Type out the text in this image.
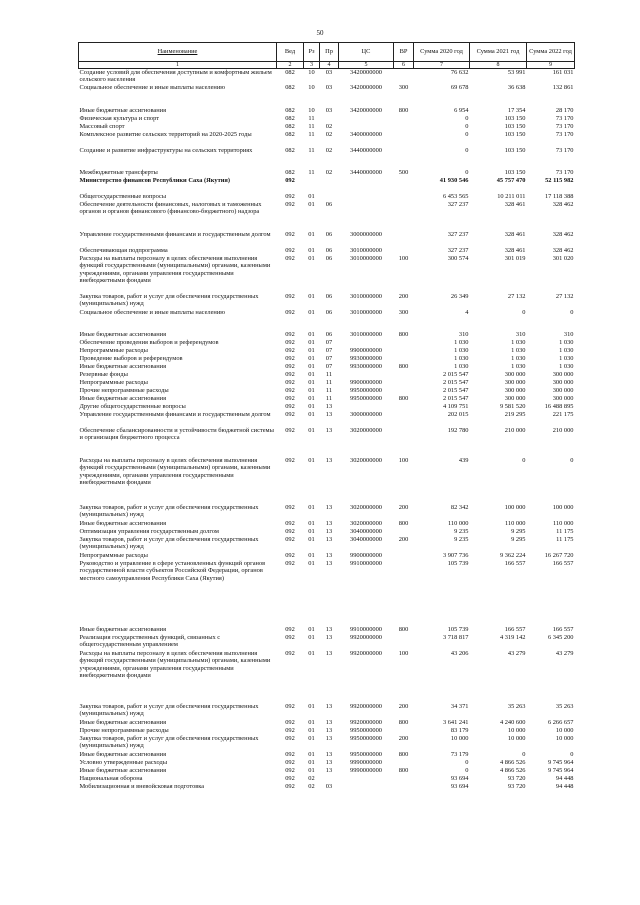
50
Наименование	Вед	Рз	Пр	ЦС	ВР	Сумма 2020 год	Сумма 2021 год	Сумма 2022 год
1	2	3	4	5	6	7	8	9
Создание условий для обеспечения доступным и комфортным жильем сельского населения	082	10	03	3420000000		76 632	53 991	161 031
Социальное обеспечение и иные выплаты населению	082	10	03	3420000000	300	69 678	36 638	132 861
Иные бюджетные ассигнования	082	10	03	3420000000	800	6 954	17 354	28 170
Физическая культура и спорт	082	11				0	103 150	73 170
Массовый спорт	082	11	02			0	103 150	73 170
Комплексное развитие сельских территорий на 2020-2025 годы	082	11	02	3400000000		0	103 150	73 170
Создание и развитие инфраструктуры на сельских территориях	082	11	02	3440000000		0	103 150	73 170
Межбюджетные трансферты	082	11	02	3440000000	500	0	103 150	73 170
Министерство финансов Республики Саха (Якутия)	092					41 930 546	45 757 470	52 115 982
Общегосударственные вопросы	092	01				6 453 565	10 211 011	17 118 388
Обеспечение деятельности финансовых, налоговых и таможенных органов и органов финансового (финансово-бюджетного) надзора	092	01	06			327 237	328 461	328 462
Управление государственными финансами и государственным долгом	092	01	06	3000000000		327 237	328 461	328 462
Обеспечивающая подпрограмма	092	01	06	3010000000		327 237	328 461	328 462
Расходы на выплаты персоналу в целях обеспечения выполнения функций государственными (муниципальными) органами, казенными учреждениями, органами управления государственными внебюджетными фондами	092	01	06	3010000000	100	300 574	301 019	301 020
Закупка товаров, работ и услуг для обеспечения государственных (муниципальных) нужд	092	01	06	3010000000	200	26 349	27 132	27 132
Социальное обеспечение и иные выплаты населению	092	01	06	3010000000	300	4	0	0
Иные бюджетные ассигнования	092	01	06	3010000000	800	310	310	310
Обеспечение проведения выборов и референдумов	092	01	07			1 030	1 030	1 030
Непрограммные расходы	092	01	07	9900000000		1 030	1 030	1 030
Проведение выборов и референдумов	092	01	07	9930000000		1 030	1 030	1 030
Иные бюджетные ассигнования	092	01	07	9930000000	800	1 030	1 030	1 030
Резервные фонды	092	01	11			2 015 547	300 000	300 000
Непрограммные расходы	092	01	11	9900000000		2 015 547	300 000	300 000
Прочие непрограммные расходы	092	01	11	9950000000		2 015 547	300 000	300 000
Иные бюджетные ассигнования	092	01	11	9950000000	800	2 015 547	300 000	300 000
Другие общегосударственные вопросы	092	01	13			4 109 751	9 581 520	16 488 895
Управление государственными финансами и государственным долгом	092	01	13	3000000000		202 015	219 295	221 175
Обеспечение сбалансированности и устойчивости бюджетной системы и организация бюджетного процесса	092	01	13	3020000000		192 780	210 000	210 000
Расходы на выплаты персоналу в целях обеспечения выполнения функций государственными (муниципальными) органами, казенными учреждениями, органами управления государственными внебюджетными фондами	092	01	13	3020000000	100	439	0	0
Закупка товаров, работ и услуг для обеспечения государственных (муниципальных) нужд	092	01	13	3020000000	200	82 342	100 000	100 000
Иные бюджетные ассигнования	092	01	13	3020000000	800	110 000	110 000	110 000
Оптимизация управления государственным долгом	092	01	13	3040000000		9 235	9 295	11 175
Закупка товаров, работ и услуг для обеспечения государственных (муниципальных) нужд	092	01	13	3040000000	200	9 235	9 295	11 175
Непрограммные расходы	092	01	13	9900000000		3 907 736	9 362 224	16 267 720
Руководство и управление в сфере установленных функций органов государственной власти субъектов Российской Федерации, органов местного самоуправления Республики Саха (Якутия)	092	01	13	9910000000		105 739	166 557	166 557
Иные бюджетные ассигнования	092	01	13	9910000000	800	105 739	166 557	166 557
Реализация государственных функций, связанных с общегосударственным управлением	092	01	13	9920000000		3 718 817	4 319 142	6 345 200
Расходы на выплаты персоналу в целях обеспечения выполнения функций государственными (муниципальными) органами, казенными учреждениями, органами управления государственными внебюджетными фондами	092	01	13	9920000000	100	43 206	43 279	43 279
Закупка товаров, работ и услуг для обеспечения государственных (муниципальных) нужд	092	01	13	9920000000	200	34 371	35 263	35 263
Иные бюджетные ассигнования	092	01	13	9920000000	800	3 641 241	4 240 600	6 266 657
Прочие непрограммные расходы	092	01	13	9950000000		83 179	10 000	10 000
Закупка товаров, работ и услуг для обеспечения государственных (муниципальных) нужд	092	01	13	9950000000	200	10 000	10 000	10 000
Иные бюджетные ассигнования	092	01	13	9950000000	800	73 179	0	0
Условно утвержденные расходы	092	01	13	9990000000		0	4 866 526	9 745 964
Иные бюджетные ассигнования	092	01	13	9990000000	800	0	4 866 526	9 745 964
Национальная оборона	092	02				93 694	93 720	94 448
Мобилизационная и вневойсковая подготовка	092	02	03			93 694	93 720	94 448
